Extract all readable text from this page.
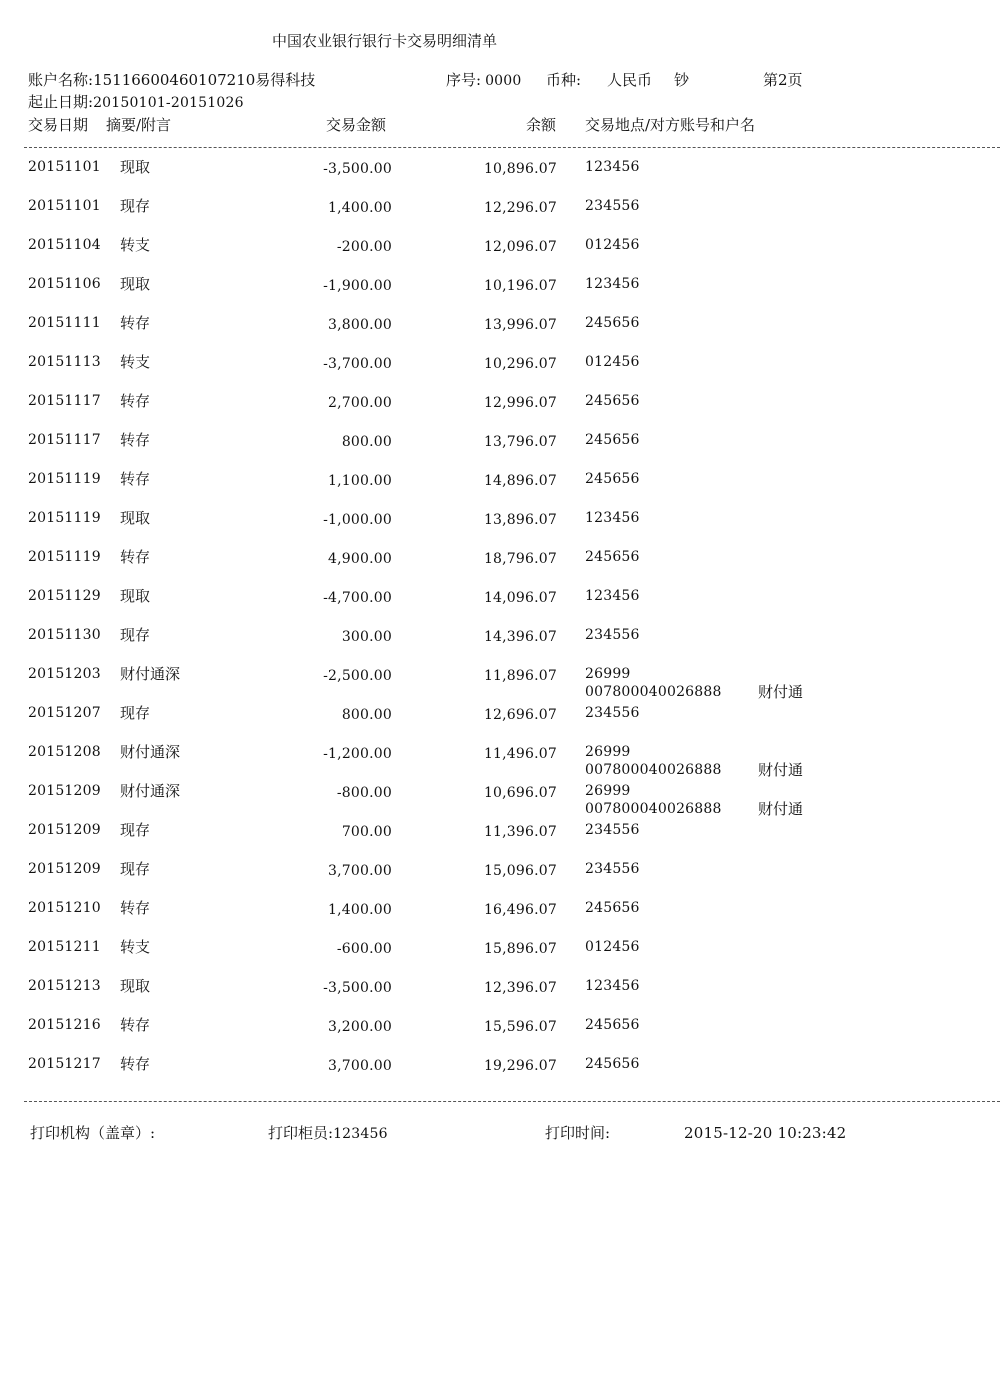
中国农业银行银行卡交易明细清单
账户名称:15116600460107210易得科技	序号: 0000 币种: 人民币 钞	第2页
起止日期:20150101-20151026
交易日期 摘要/附言	交易金额	余额 交易地点/对方账号和户名
20151101 现取	-3,500.00	10,896.07 123456
20151101 现存	1,400.00	12,296.07 234556
20151104 转支	-200.00	12,096.07 012456
20151106 现取	-1,900.00	10,196.07 123456
20151111 转存	3,800.00	13,996.07 245656
20151113 转支	-3,700.00	10,296.07 012456
20151117 转存	2,700.00	12,996.07 245656
20151117 转存	800.00	13,796.07 245656
20151119 转存	1,100.00	14,896.07 245656
20151119 现取	-1,000.00	13,896.07 123456
20151119 转存	4,900.00	18,796.07 245656
20151129 现取	-4,700.00	14,096.07 123456
20151130 现存	300.00	14,396.07 234556
20151203 财付通深	-2,500.00	11,896.07 26999
007800040026888 财付通
20151207 现存	800.00	12,696.07 234556
20151208 财付通深	-1,200.00	11,496.07 26999
007800040026888 财付通
20151209 财付通深	-800.00	10,696.07 26999
007800040026888 财付通
20151209 现存	700.00	11,396.07 234556
20151209 现存	3,700.00	15,096.07 234556
20151210 转存	1,400.00	16,496.07 245656
20151211 转支	-600.00	15,896.07 012456
20151213 现取	-3,500.00	12,396.07 123456
20151216 转存	3,200.00	15,596.07 245656
20151217 转存	3,700.00	19,296.07 245656
打印机构（盖章）:	打印柜员:123456	打印时间:	2015-12-20 10:23:42
